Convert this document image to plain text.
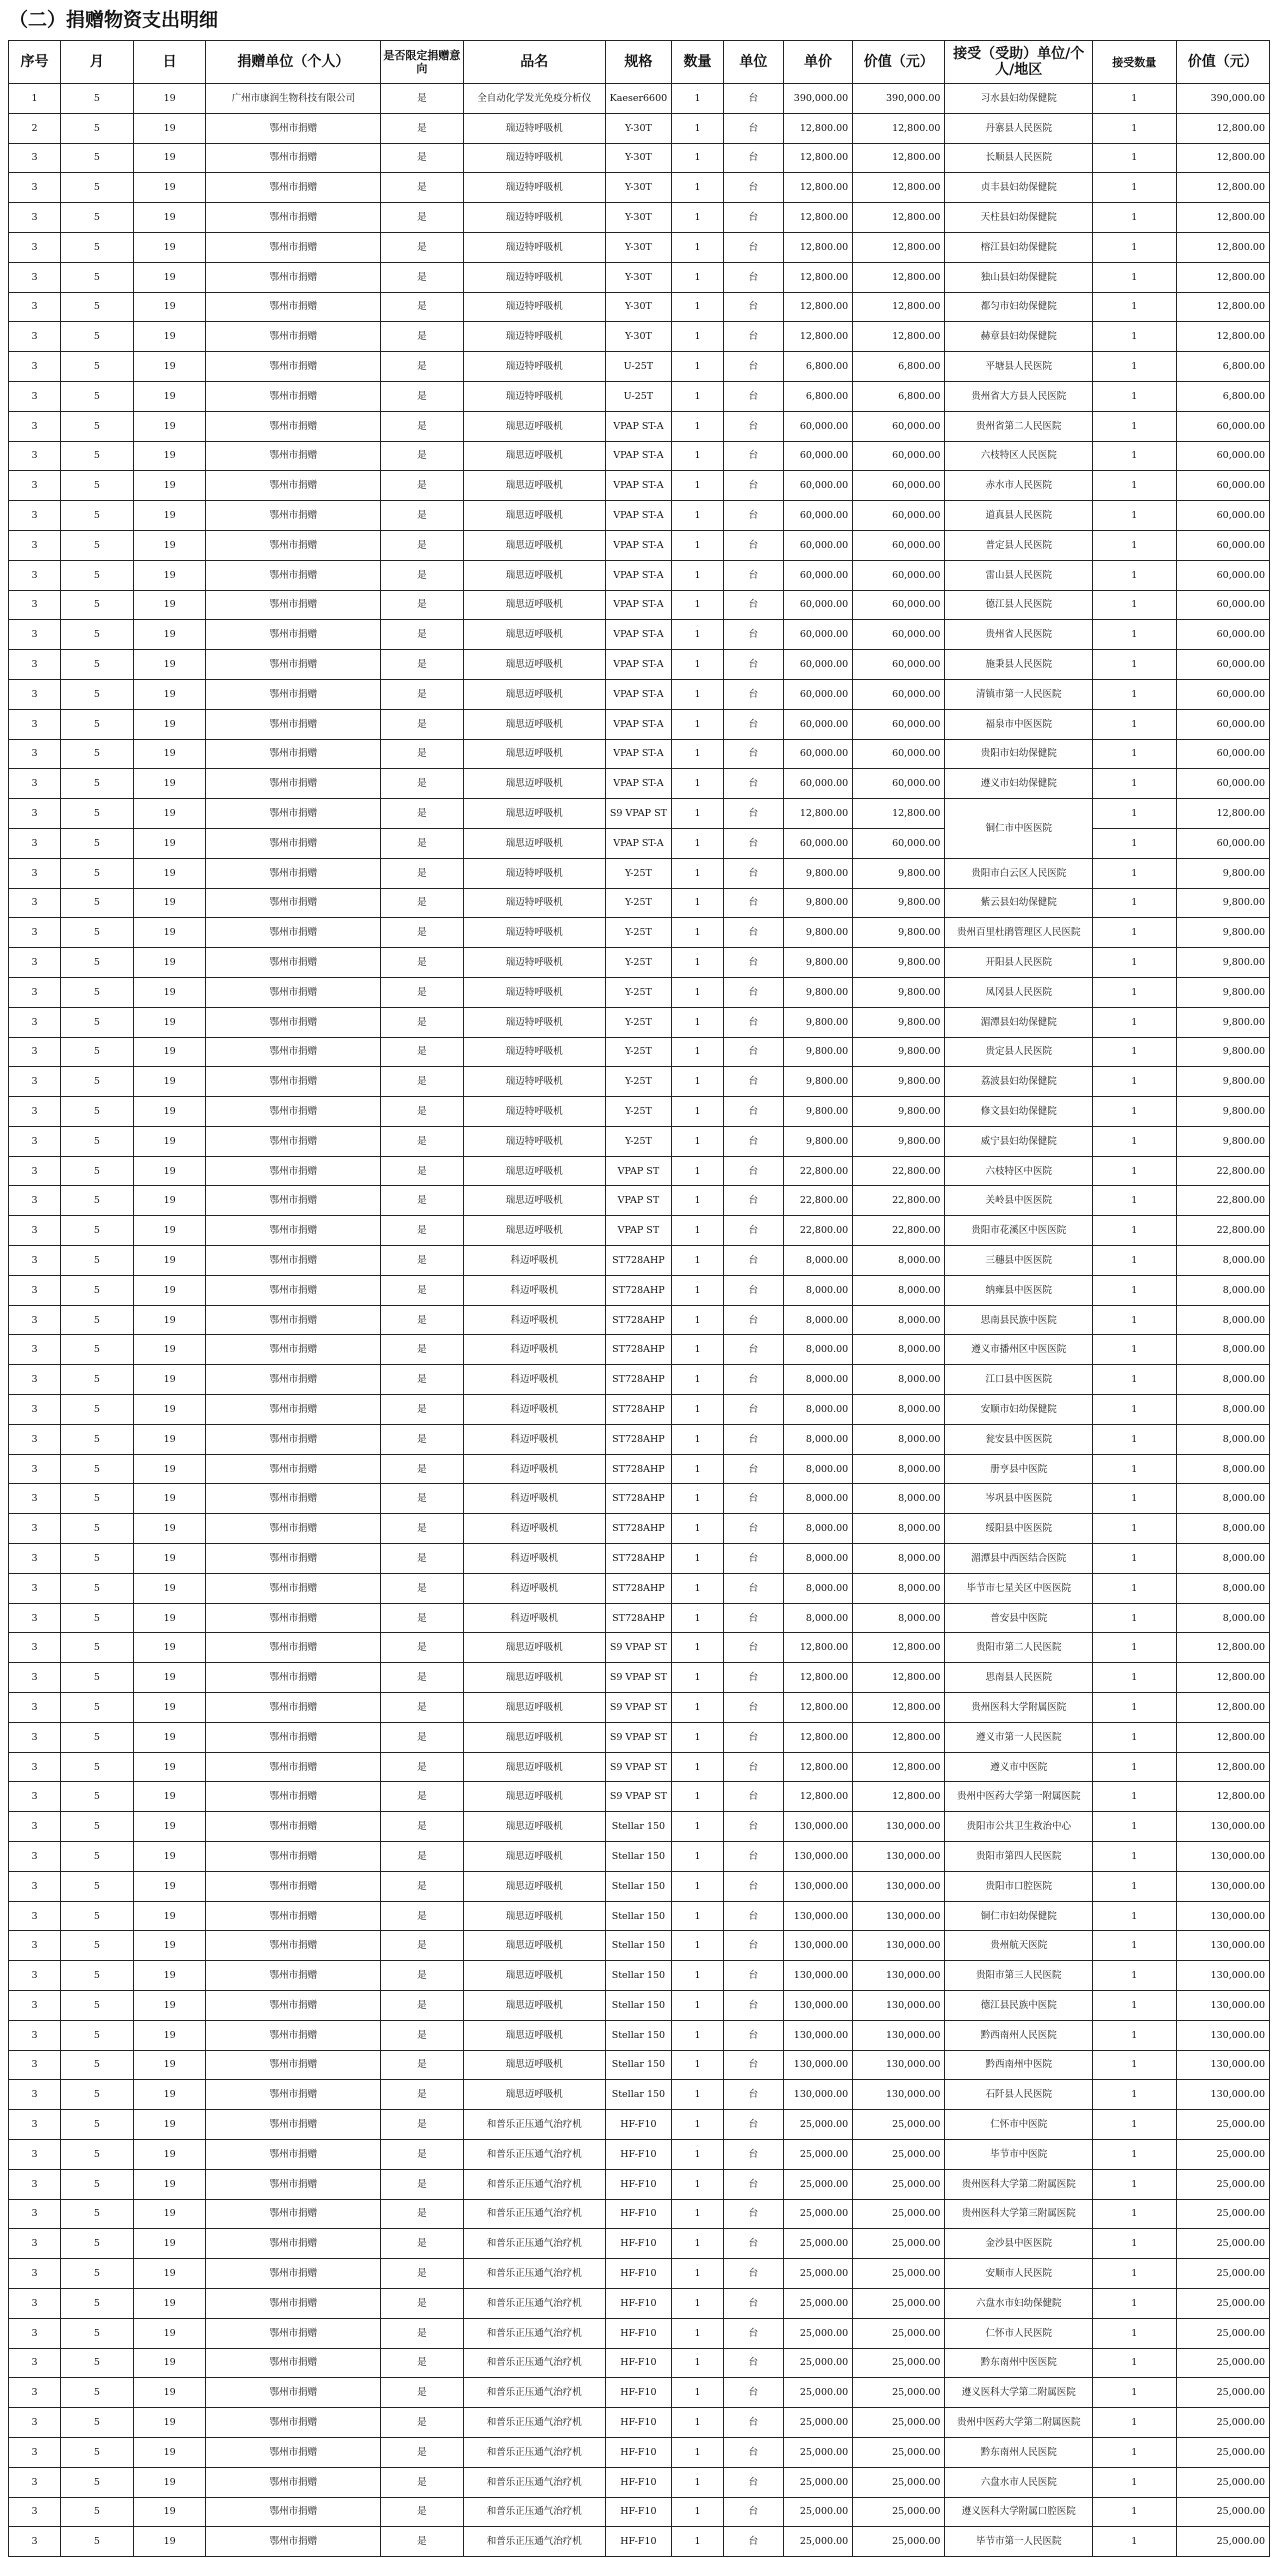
（二）捐赠物资支出明细
序号	月	日	捐赠单位（个人）	是否限定捐赠意向	品名	规格	数量	单位	单价	价值（元）	接受（受助）单位/个人/地区	接受数量	价值（元）
1	5	19	广州市康润生物科技有限公司	是	全自动化学发光免疫分析仪	Kaeser6600	1	台	390,000.00	390,000.00	习水县妇幼保健院	1	390,000.00
2	5	19	鄂州市捐赠	是	瑞迈特呼吸机	Y-30T	1	台	12,800.00	12,800.00	丹寨县人民医院	1	12,800.00
3	5	19	鄂州市捐赠	是	瑞迈特呼吸机	Y-30T	1	台	12,800.00	12,800.00	长顺县人民医院	1	12,800.00
3	5	19	鄂州市捐赠	是	瑞迈特呼吸机	Y-30T	1	台	12,800.00	12,800.00	贞丰县妇幼保健院	1	12,800.00
3	5	19	鄂州市捐赠	是	瑞迈特呼吸机	Y-30T	1	台	12,800.00	12,800.00	天柱县妇幼保健院	1	12,800.00
3	5	19	鄂州市捐赠	是	瑞迈特呼吸机	Y-30T	1	台	12,800.00	12,800.00	榕江县妇幼保健院	1	12,800.00
3	5	19	鄂州市捐赠	是	瑞迈特呼吸机	Y-30T	1	台	12,800.00	12,800.00	独山县妇幼保健院	1	12,800.00
3	5	19	鄂州市捐赠	是	瑞迈特呼吸机	Y-30T	1	台	12,800.00	12,800.00	都匀市妇幼保健院	1	12,800.00
3	5	19	鄂州市捐赠	是	瑞迈特呼吸机	Y-30T	1	台	12,800.00	12,800.00	赫章县妇幼保健院	1	12,800.00
3	5	19	鄂州市捐赠	是	瑞迈特呼吸机	U-25T	1	台	6,800.00	6,800.00	平塘县人民医院	1	6,800.00
3	5	19	鄂州市捐赠	是	瑞迈特呼吸机	U-25T	1	台	6,800.00	6,800.00	贵州省大方县人民医院	1	6,800.00
3	5	19	鄂州市捐赠	是	瑞思迈呼吸机	VPAP ST-A	1	台	60,000.00	60,000.00	贵州省第二人民医院	1	60,000.00
3	5	19	鄂州市捐赠	是	瑞思迈呼吸机	VPAP ST-A	1	台	60,000.00	60,000.00	六枝特区人民医院	1	60,000.00
3	5	19	鄂州市捐赠	是	瑞思迈呼吸机	VPAP ST-A	1	台	60,000.00	60,000.00	赤水市人民医院	1	60,000.00
3	5	19	鄂州市捐赠	是	瑞思迈呼吸机	VPAP ST-A	1	台	60,000.00	60,000.00	道真县人民医院	1	60,000.00
3	5	19	鄂州市捐赠	是	瑞思迈呼吸机	VPAP ST-A	1	台	60,000.00	60,000.00	普定县人民医院	1	60,000.00
3	5	19	鄂州市捐赠	是	瑞思迈呼吸机	VPAP ST-A	1	台	60,000.00	60,000.00	雷山县人民医院	1	60,000.00
3	5	19	鄂州市捐赠	是	瑞思迈呼吸机	VPAP ST-A	1	台	60,000.00	60,000.00	德江县人民医院	1	60,000.00
3	5	19	鄂州市捐赠	是	瑞思迈呼吸机	VPAP ST-A	1	台	60,000.00	60,000.00	贵州省人民医院	1	60,000.00
3	5	19	鄂州市捐赠	是	瑞思迈呼吸机	VPAP ST-A	1	台	60,000.00	60,000.00	施秉县人民医院	1	60,000.00
3	5	19	鄂州市捐赠	是	瑞思迈呼吸机	VPAP ST-A	1	台	60,000.00	60,000.00	清镇市第一人民医院	1	60,000.00
3	5	19	鄂州市捐赠	是	瑞思迈呼吸机	VPAP ST-A	1	台	60,000.00	60,000.00	福泉市中医医院	1	60,000.00
3	5	19	鄂州市捐赠	是	瑞思迈呼吸机	VPAP ST-A	1	台	60,000.00	60,000.00	贵阳市妇幼保健院	1	60,000.00
3	5	19	鄂州市捐赠	是	瑞思迈呼吸机	VPAP ST-A	1	台	60,000.00	60,000.00	遵义市妇幼保健院	1	60,000.00
3	5	19	鄂州市捐赠	是	瑞思迈呼吸机	S9 VPAP ST	1	台	12,800.00	12,800.00	铜仁市中医医院	1	12,800.00
3	5	19	鄂州市捐赠	是	瑞思迈呼吸机	VPAP ST-A	1	台	60,000.00	60,000.00		1	60,000.00
3	5	19	鄂州市捐赠	是	瑞迈特呼吸机	Y-25T	1	台	9,800.00	9,800.00	贵阳市白云区人民医院	1	9,800.00
3	5	19	鄂州市捐赠	是	瑞迈特呼吸机	Y-25T	1	台	9,800.00	9,800.00	紫云县妇幼保健院	1	9,800.00
3	5	19	鄂州市捐赠	是	瑞迈特呼吸机	Y-25T	1	台	9,800.00	9,800.00	贵州百里杜鹃管理区人民医院	1	9,800.00
3	5	19	鄂州市捐赠	是	瑞迈特呼吸机	Y-25T	1	台	9,800.00	9,800.00	开阳县人民医院	1	9,800.00
3	5	19	鄂州市捐赠	是	瑞迈特呼吸机	Y-25T	1	台	9,800.00	9,800.00	凤冈县人民医院	1	9,800.00
3	5	19	鄂州市捐赠	是	瑞迈特呼吸机	Y-25T	1	台	9,800.00	9,800.00	湄潭县妇幼保健院	1	9,800.00
3	5	19	鄂州市捐赠	是	瑞迈特呼吸机	Y-25T	1	台	9,800.00	9,800.00	贵定县人民医院	1	9,800.00
3	5	19	鄂州市捐赠	是	瑞迈特呼吸机	Y-25T	1	台	9,800.00	9,800.00	荔波县妇幼保健院	1	9,800.00
3	5	19	鄂州市捐赠	是	瑞迈特呼吸机	Y-25T	1	台	9,800.00	9,800.00	修文县妇幼保健院	1	9,800.00
3	5	19	鄂州市捐赠	是	瑞迈特呼吸机	Y-25T	1	台	9,800.00	9,800.00	威宁县妇幼保健院	1	9,800.00
3	5	19	鄂州市捐赠	是	瑞思迈呼吸机	VPAP ST	1	台	22,800.00	22,800.00	六枝特区中医院	1	22,800.00
3	5	19	鄂州市捐赠	是	瑞思迈呼吸机	VPAP ST	1	台	22,800.00	22,800.00	关岭县中医医院	1	22,800.00
3	5	19	鄂州市捐赠	是	瑞思迈呼吸机	VPAP ST	1	台	22,800.00	22,800.00	贵阳市花溪区中医医院	1	22,800.00
3	5	19	鄂州市捐赠	是	科迈呼吸机	ST728AHP	1	台	8,000.00	8,000.00	三穗县中医医院	1	8,000.00
3	5	19	鄂州市捐赠	是	科迈呼吸机	ST728AHP	1	台	8,000.00	8,000.00	纳雍县中医医院	1	8,000.00
3	5	19	鄂州市捐赠	是	科迈呼吸机	ST728AHP	1	台	8,000.00	8,000.00	思南县民族中医院	1	8,000.00
3	5	19	鄂州市捐赠	是	科迈呼吸机	ST728AHP	1	台	8,000.00	8,000.00	遵义市播州区中医医院	1	8,000.00
3	5	19	鄂州市捐赠	是	科迈呼吸机	ST728AHP	1	台	8,000.00	8,000.00	江口县中医医院	1	8,000.00
3	5	19	鄂州市捐赠	是	科迈呼吸机	ST728AHP	1	台	8,000.00	8,000.00	安顺市妇幼保健院	1	8,000.00
3	5	19	鄂州市捐赠	是	科迈呼吸机	ST728AHP	1	台	8,000.00	8,000.00	瓮安县中医医院	1	8,000.00
3	5	19	鄂州市捐赠	是	科迈呼吸机	ST728AHP	1	台	8,000.00	8,000.00	册亨县中医院	1	8,000.00
3	5	19	鄂州市捐赠	是	科迈呼吸机	ST728AHP	1	台	8,000.00	8,000.00	岑巩县中医医院	1	8,000.00
3	5	19	鄂州市捐赠	是	科迈呼吸机	ST728AHP	1	台	8,000.00	8,000.00	绥阳县中医医院	1	8,000.00
3	5	19	鄂州市捐赠	是	科迈呼吸机	ST728AHP	1	台	8,000.00	8,000.00	湄潭县中西医结合医院	1	8,000.00
3	5	19	鄂州市捐赠	是	科迈呼吸机	ST728AHP	1	台	8,000.00	8,000.00	毕节市七星关区中医医院	1	8,000.00
3	5	19	鄂州市捐赠	是	科迈呼吸机	ST728AHP	1	台	8,000.00	8,000.00	普安县中医院	1	8,000.00
3	5	19	鄂州市捐赠	是	瑞思迈呼吸机	S9 VPAP ST	1	台	12,800.00	12,800.00	贵阳市第二人民医院	1	12,800.00
3	5	19	鄂州市捐赠	是	瑞思迈呼吸机	S9 VPAP ST	1	台	12,800.00	12,800.00	思南县人民医院	1	12,800.00
3	5	19	鄂州市捐赠	是	瑞思迈呼吸机	S9 VPAP ST	1	台	12,800.00	12,800.00	贵州医科大学附属医院	1	12,800.00
3	5	19	鄂州市捐赠	是	瑞思迈呼吸机	S9 VPAP ST	1	台	12,800.00	12,800.00	遵义市第一人民医院	1	12,800.00
3	5	19	鄂州市捐赠	是	瑞思迈呼吸机	S9 VPAP ST	1	台	12,800.00	12,800.00	遵义市中医院	1	12,800.00
3	5	19	鄂州市捐赠	是	瑞思迈呼吸机	S9 VPAP ST	1	台	12,800.00	12,800.00	贵州中医药大学第一附属医院	1	12,800.00
3	5	19	鄂州市捐赠	是	瑞思迈呼吸机	Stellar 150	1	台	130,000.00	130,000.00	贵阳市公共卫生救治中心	1	130,000.00
3	5	19	鄂州市捐赠	是	瑞思迈呼吸机	Stellar 150	1	台	130,000.00	130,000.00	贵阳市第四人民医院	1	130,000.00
3	5	19	鄂州市捐赠	是	瑞思迈呼吸机	Stellar 150	1	台	130,000.00	130,000.00	贵阳市口腔医院	1	130,000.00
3	5	19	鄂州市捐赠	是	瑞思迈呼吸机	Stellar 150	1	台	130,000.00	130,000.00	铜仁市妇幼保健院	1	130,000.00
3	5	19	鄂州市捐赠	是	瑞思迈呼吸机	Stellar 150	1	台	130,000.00	130,000.00	贵州航天医院	1	130,000.00
3	5	19	鄂州市捐赠	是	瑞思迈呼吸机	Stellar 150	1	台	130,000.00	130,000.00	贵阳市第三人民医院	1	130,000.00
3	5	19	鄂州市捐赠	是	瑞思迈呼吸机	Stellar 150	1	台	130,000.00	130,000.00	德江县民族中医院	1	130,000.00
3	5	19	鄂州市捐赠	是	瑞思迈呼吸机	Stellar 150	1	台	130,000.00	130,000.00	黔西南州人民医院	1	130,000.00
3	5	19	鄂州市捐赠	是	瑞思迈呼吸机	Stellar 150	1	台	130,000.00	130,000.00	黔西南州中医院	1	130,000.00
3	5	19	鄂州市捐赠	是	瑞思迈呼吸机	Stellar 150	1	台	130,000.00	130,000.00	石阡县人民医院	1	130,000.00
3	5	19	鄂州市捐赠	是	和普乐正压通气治疗机	HF-F10	1	台	25,000.00	25,000.00	仁怀市中医院	1	25,000.00
3	5	19	鄂州市捐赠	是	和普乐正压通气治疗机	HF-F10	1	台	25,000.00	25,000.00	毕节市中医院	1	25,000.00
3	5	19	鄂州市捐赠	是	和普乐正压通气治疗机	HF-F10	1	台	25,000.00	25,000.00	贵州医科大学第二附属医院	1	25,000.00
3	5	19	鄂州市捐赠	是	和普乐正压通气治疗机	HF-F10	1	台	25,000.00	25,000.00	贵州医科大学第三附属医院	1	25,000.00
3	5	19	鄂州市捐赠	是	和普乐正压通气治疗机	HF-F10	1	台	25,000.00	25,000.00	金沙县中医医院	1	25,000.00
3	5	19	鄂州市捐赠	是	和普乐正压通气治疗机	HF-F10	1	台	25,000.00	25,000.00	安顺市人民医院	1	25,000.00
3	5	19	鄂州市捐赠	是	和普乐正压通气治疗机	HF-F10	1	台	25,000.00	25,000.00	六盘水市妇幼保健院	1	25,000.00
3	5	19	鄂州市捐赠	是	和普乐正压通气治疗机	HF-F10	1	台	25,000.00	25,000.00	仁怀市人民医院	1	25,000.00
3	5	19	鄂州市捐赠	是	和普乐正压通气治疗机	HF-F10	1	台	25,000.00	25,000.00	黔东南州中医医院	1	25,000.00
3	5	19	鄂州市捐赠	是	和普乐正压通气治疗机	HF-F10	1	台	25,000.00	25,000.00	遵义医科大学第二附属医院	1	25,000.00
3	5	19	鄂州市捐赠	是	和普乐正压通气治疗机	HF-F10	1	台	25,000.00	25,000.00	贵州中医药大学第二附属医院	1	25,000.00
3	5	19	鄂州市捐赠	是	和普乐正压通气治疗机	HF-F10	1	台	25,000.00	25,000.00	黔东南州人民医院	1	25,000.00
3	5	19	鄂州市捐赠	是	和普乐正压通气治疗机	HF-F10	1	台	25,000.00	25,000.00	六盘水市人民医院	1	25,000.00
3	5	19	鄂州市捐赠	是	和普乐正压通气治疗机	HF-F10	1	台	25,000.00	25,000.00	遵义医科大学附属口腔医院	1	25,000.00
3	5	19	鄂州市捐赠	是	和普乐正压通气治疗机	HF-F10	1	台	25,000.00	25,000.00	毕节市第一人民医院	1	25,000.00
